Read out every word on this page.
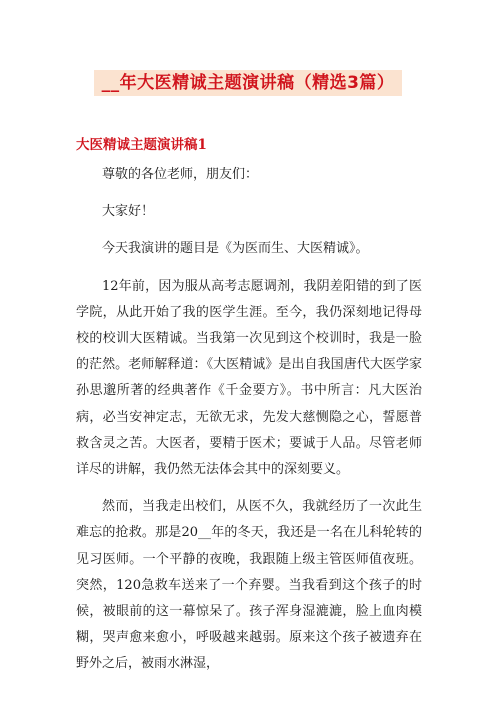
__年大医精诚主题演讲稿（精选3篇）
大医精诚主题演讲稿1

尊敬的各位老师，朋友们：

大家好！

今天我演讲的题目是《为医而生、大医精诚》。

12年前，因为服从高考志愿调剂，我阴差阳错的到了医学院，从此开始了我的医学生涯。至今，我仍深刻地记得母校的校训大医精诚。当我第一次见到这个校训时，我是一脸的茫然。老师解释道：《大医精诚》是出自我国唐代大医学家孙思邈所著的经典著作《千金要方》。书中所言：凡大医治病，必当安神定志，无欲无求，先发大慈恻隐之心，誓愿普救含灵之苦。大医者，要精于医术；要诚于人品。尽管老师详尽的讲解，我仍然无法体会其中的深刻要义。

然而，当我走出校们，从医不久，我就经历了一次此生难忘的抢救。那是20__年的冬天，我还是一名在儿科轮转的见习医师。一个平静的夜晚，我跟随上级主管医师值夜班。突然，120急救车送来了一个弃婴。当我看到这个孩子的时候，被眼前的这一幕惊呆了。孩子浑身湿漉漉，脸上血肉模糊，哭声愈来愈小，呼吸越来越弱。原来这个孩子被遗弃在野外之后，被雨水淋湿，
